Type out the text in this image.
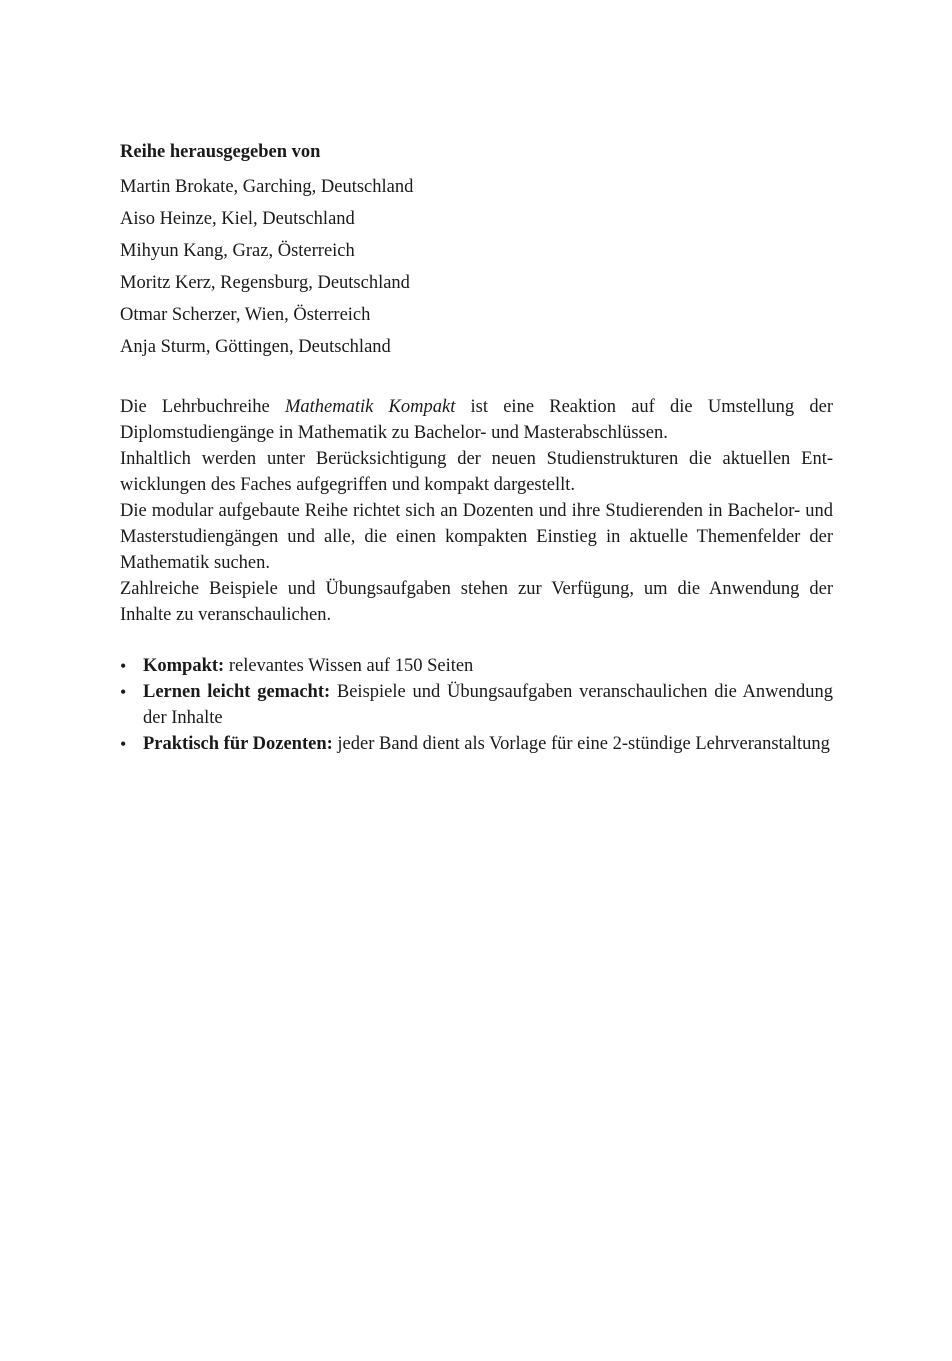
Reihe herausgegeben von
Martin Brokate, Garching, Deutschland
Aiso Heinze, Kiel, Deutschland
Mihyun Kang, Graz, Österreich
Moritz Kerz, Regensburg, Deutschland
Otmar Scherzer, Wien, Österreich
Anja Sturm, Göttingen, Deutschland

Die Lehrbuchreihe Mathematik Kompakt ist eine Reaktion auf die Umstellung der Diplomstudiengänge in Mathematik zu Bachelor- und Masterabschlüssen.

Inhaltlich werden unter Berücksichtigung der neuen Studienstrukturen die aktuellen Entwicklungen des Faches aufgegriffen und kompakt dargestellt.

Die modular aufgebaute Reihe richtet sich an Dozenten und ihre Studierenden in Bachelor- und Masterstudiengängen und alle, die einen kompakten Einstieg in aktuelle Themenfelder der Mathematik suchen.

Zahlreiche Beispiele und Übungsaufgaben stehen zur Verfügung, um die Anwendung der Inhalte zu veranschaulichen.

• Kompakt: relevantes Wissen auf 150 Seiten
• Lernen leicht gemacht: Beispiele und Übungsaufgaben veranschaulichen die Anwendung der Inhalte
• Praktisch für Dozenten: jeder Band dient als Vorlage für eine 2-stündige Lehrveranstaltung
